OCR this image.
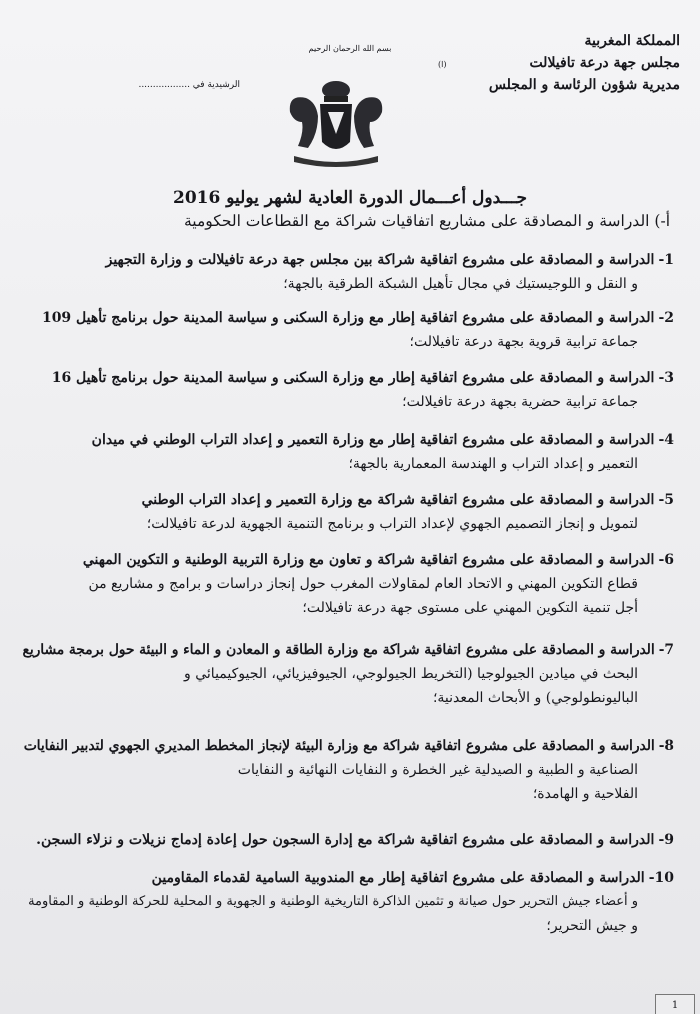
المملكة المغربية
مجلس جهة درعة تافيلالت
مديرية شؤون الرئاسة و المجلس
بسم الله الرحمان الرحيم
(ا)
الرشيدية في ..................
جـــدول أعـــمال الدورة العادية لشهر يوليو 2016
أ-) الدراسة و المصادقة على مشاريع اتفاقيات شراكة مع القطاعات الحكومية
1-الدراسة و المصادقة على مشروع اتفاقية شراكة بين مجلس جهة درعة تافيلالت و وزارة التجهيز
و النقل و اللوجيستيك في مجال تأهيل الشبكة الطرقية بالجهة؛
2-الدراسة و المصادقة على مشروع اتفاقية إطار مع وزارة السكنى و سياسة المدينة حول برنامج تأهيل 109
جماعة ترابية قروية بجهة درعة تافيلالت؛
3-الدراسة و المصادقة على مشروع اتفاقية إطار مع وزارة السكنى و سياسة المدينة حول برنامج تأهيل 16
جماعة ترابية حضرية بجهة درعة تافيلالت؛
4-الدراسة و المصادقة على مشروع اتفاقية إطار مع وزارة التعمير و إعداد التراب الوطني في ميدان
التعمير و إعداد التراب و الهندسة المعمارية بالجهة؛
5-الدراسة و المصادقة على مشروع اتفاقية شراكة مع وزارة التعمير و إعداد التراب الوطني
لتمويل و إنجاز التصميم الجهوي لإعداد التراب و برنامج التنمية الجهوية لدرعة تافيلالت؛
6-الدراسة و المصادقة على مشروع اتفاقية شراكة و تعاون مع وزارة التربية الوطنية و التكوين المهني
قطاع التكوين المهني و الاتحاد العام لمقاولات المغرب حول إنجاز دراسات و برامج و مشاريع من
أجل تنمية التكوين المهني على مستوى جهة درعة تافيلالت؛
7-الدراسة و المصادقة على مشروع اتفاقية شراكة مع وزارة الطاقة و المعادن و الماء و البيئة حول برمجة مشاريع
البحث في ميادين الجيولوجيا (التخريط الجيولوجي، الجيوفيزيائي، الجيوكيميائي و
الباليونطولوجي) و الأبحاث المعدنية؛
8-الدراسة و المصادقة على مشروع اتفاقية شراكة مع وزارة البيئة لإنجاز المخطط المديري الجهوي لتدبير النفايات
الصناعية و الطبية و الصيدلية غير الخطرة و النفايات النهائية و النفايات
الفلاحية و الهامدة؛
9-الدراسة و المصادقة على مشروع اتفاقية شراكة مع إدارة السجون حول إعادة إدماج نزيلات و نزلاء السجن.
10-الدراسة و المصادقة على مشروع اتفاقية إطار مع المندوبية السامية لقدماء المقاومين
و أعضاء جيش التحرير حول صيانة و تثمين الذاكرة التاريخية الوطنية و الجهوية و المحلية للحركة الوطنية و المقاومة
و جيش التحرير؛
1
